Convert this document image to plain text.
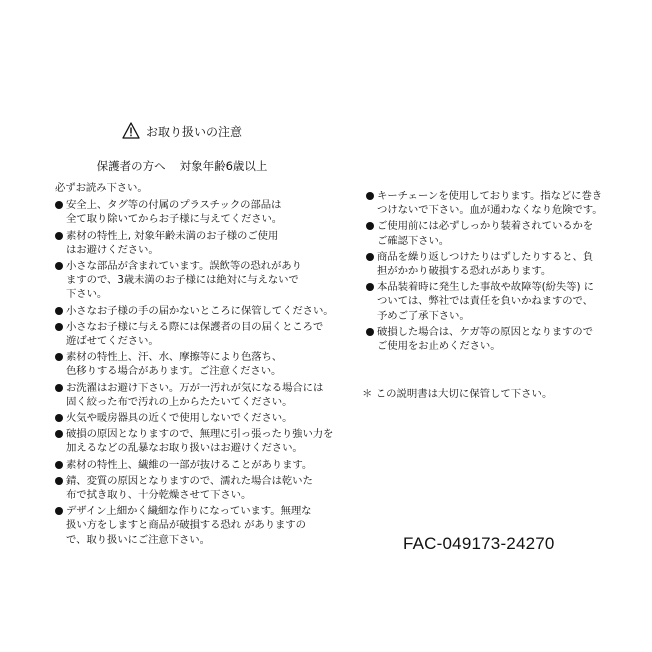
お取り扱いの注意
保護者の方へ 対象年齢6歳以上
必ずお読み下さい。
安全上、タグ等の付属のプラスチックの部品は
全て取り除いてからお子様に与えてください。
素材の特性上, 対象年齢未満のお子様のご使用
はお避けください。
小さな部品が含まれています。誤飲等の恐れがあり
ますので、3歳未満のお子様には絶対に与えないで
下さい。
小さなお子様の手の届かないところに保管してください。
小さなお子様に与える際には保護者の目の届くところで
遊ばせてください。
素材の特性上、汗、水、摩擦等により色落ち、
色移りする場合があります。ご注意ください。
お洗濯はお避け下さい。万が一汚れが気になる場合には
固く絞った布で汚れの上からたたいてください。
火気や暖房器具の近くで使用しないでください。
破損の原因となりますので、無理に引っ張ったり強い力を
加えるなどの乱暴なお取り扱いはお避けください。
素材の特性上、繊維の一部が抜けることがあります。
錆、変質の原因となりますので、濡れた場合は乾いた
布で拭き取り、十分乾燥させて下さい。
デザイン上細かく繊細な作りになっています。無理な
扱い方をしますと商品が破損する恐れ がありますの
で、取り扱いにご注意下さい。
キーチェーンを使用しております。指などに巻き
つけないで下さい。血が通わなくなり危険です。
ご使用前には必ずしっかり装着されているかを
ご確認下さい。
商品を繰り返しつけたりはずしたりすると、負
担がかかり破損する恐れがあります。
本品装着時に発生した事故や故障等(紛失等) に
ついては、弊社では責任を負いかねますので、
予めご了承下さい。
破損した場合は、ケガ等の原因となりますので
ご使用をお止めください。
＊ この説明書は大切に保管して下さい。
FAC-049173-24270
